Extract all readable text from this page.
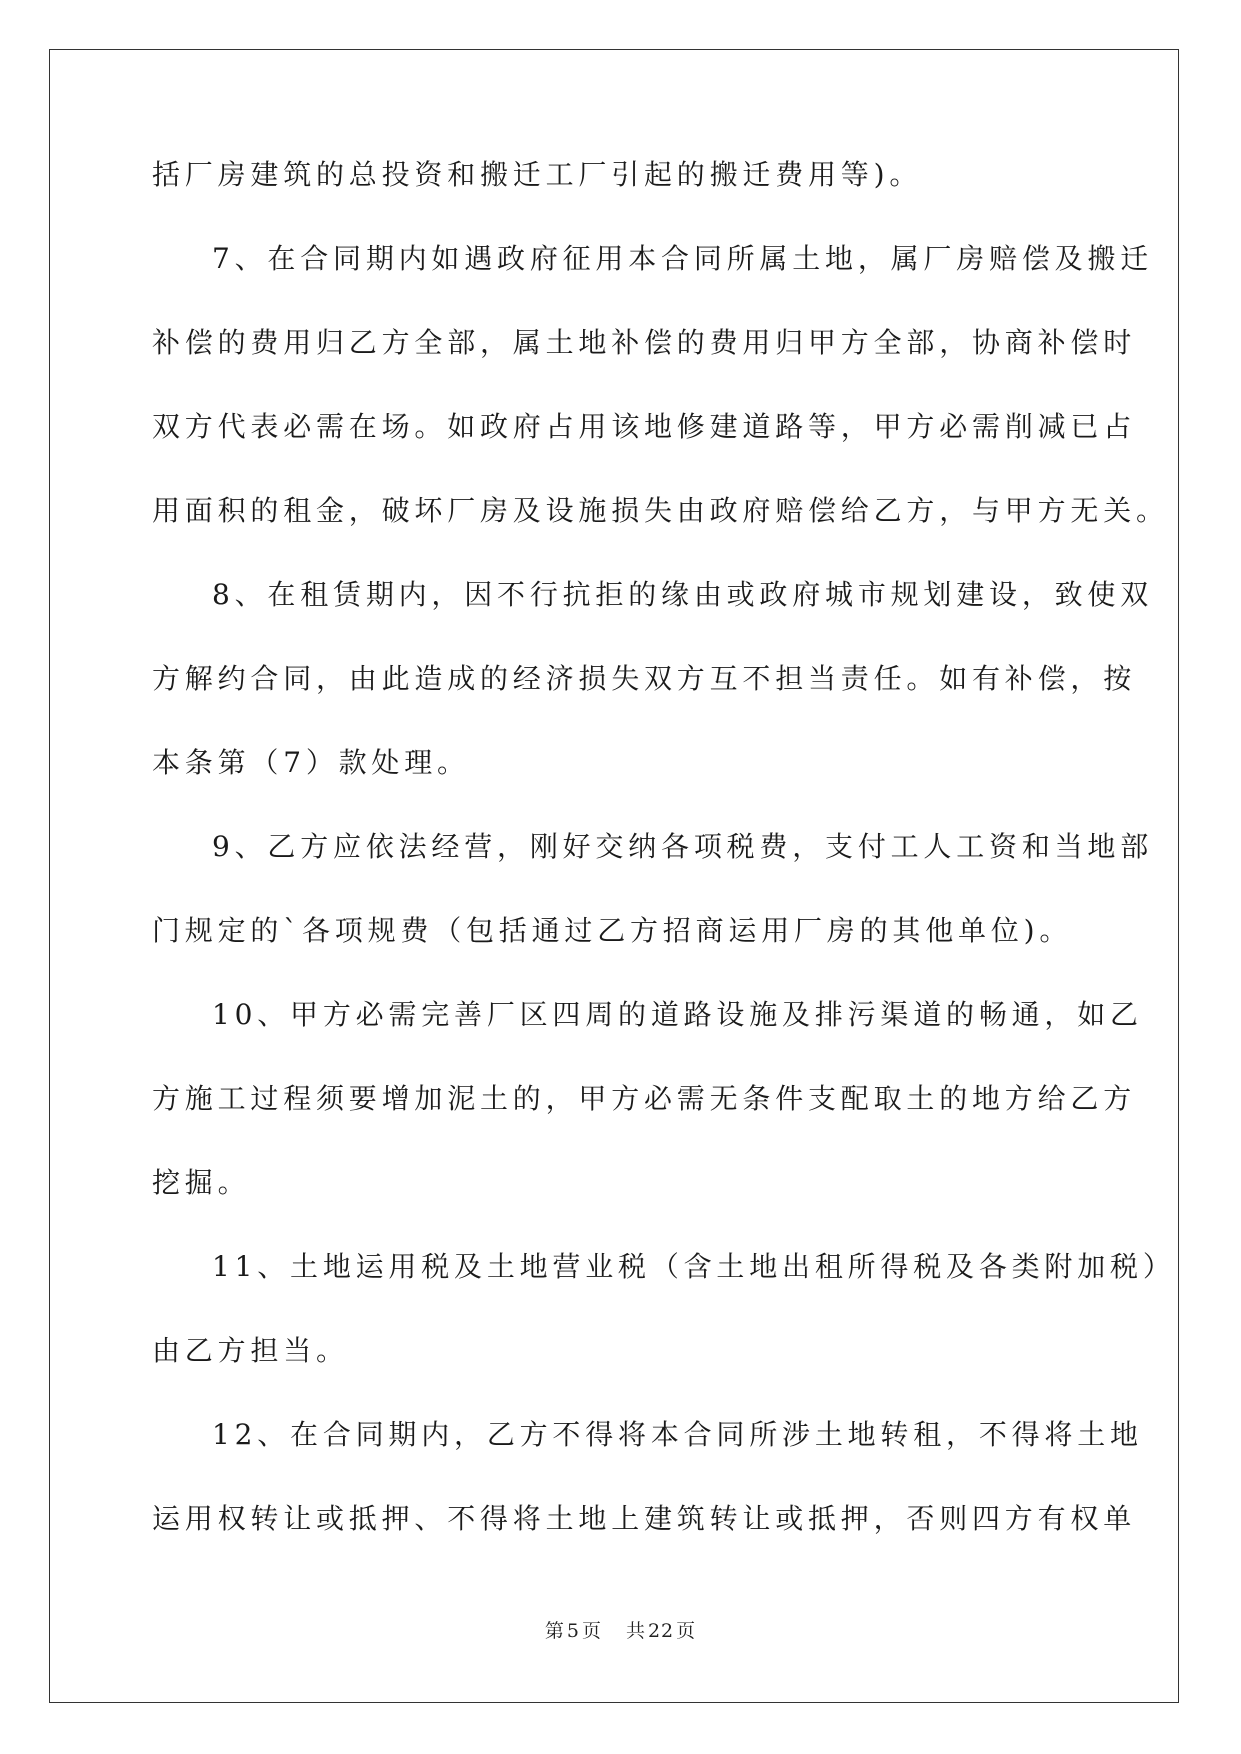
括厂房建筑的总投资和搬迁工厂引起的搬迁费用等)。
7、在合同期内如遇政府征用本合同所属土地，属厂房赔偿及搬迁
补偿的费用归乙方全部，属土地补偿的费用归甲方全部，协商补偿时
双方代表必需在场。如政府占用该地修建道路等，甲方必需削减已占
用面积的租金，破坏厂房及设施损失由政府赔偿给乙方，与甲方无关。
8、在租赁期内，因不行抗拒的缘由或政府城市规划建设，致使双
方解约合同，由此造成的经济损失双方互不担当责任。如有补偿，按
本条第（7）款处理。
9、乙方应依法经营，刚好交纳各项税费，支付工人工资和当地部
门规定的`各项规费（包括通过乙方招商运用厂房的其他单位)。
10、甲方必需完善厂区四周的道路设施及排污渠道的畅通，如乙
方施工过程须要增加泥土的，甲方必需无条件支配取土的地方给乙方
挖掘。
11、土地运用税及土地营业税（含土地出租所得税及各类附加税）
由乙方担当。
12、在合同期内，乙方不得将本合同所涉土地转租，不得将土地
运用权转让或抵押、不得将土地上建筑转让或抵押，否则四方有权单
第 5 页 共 22 页
